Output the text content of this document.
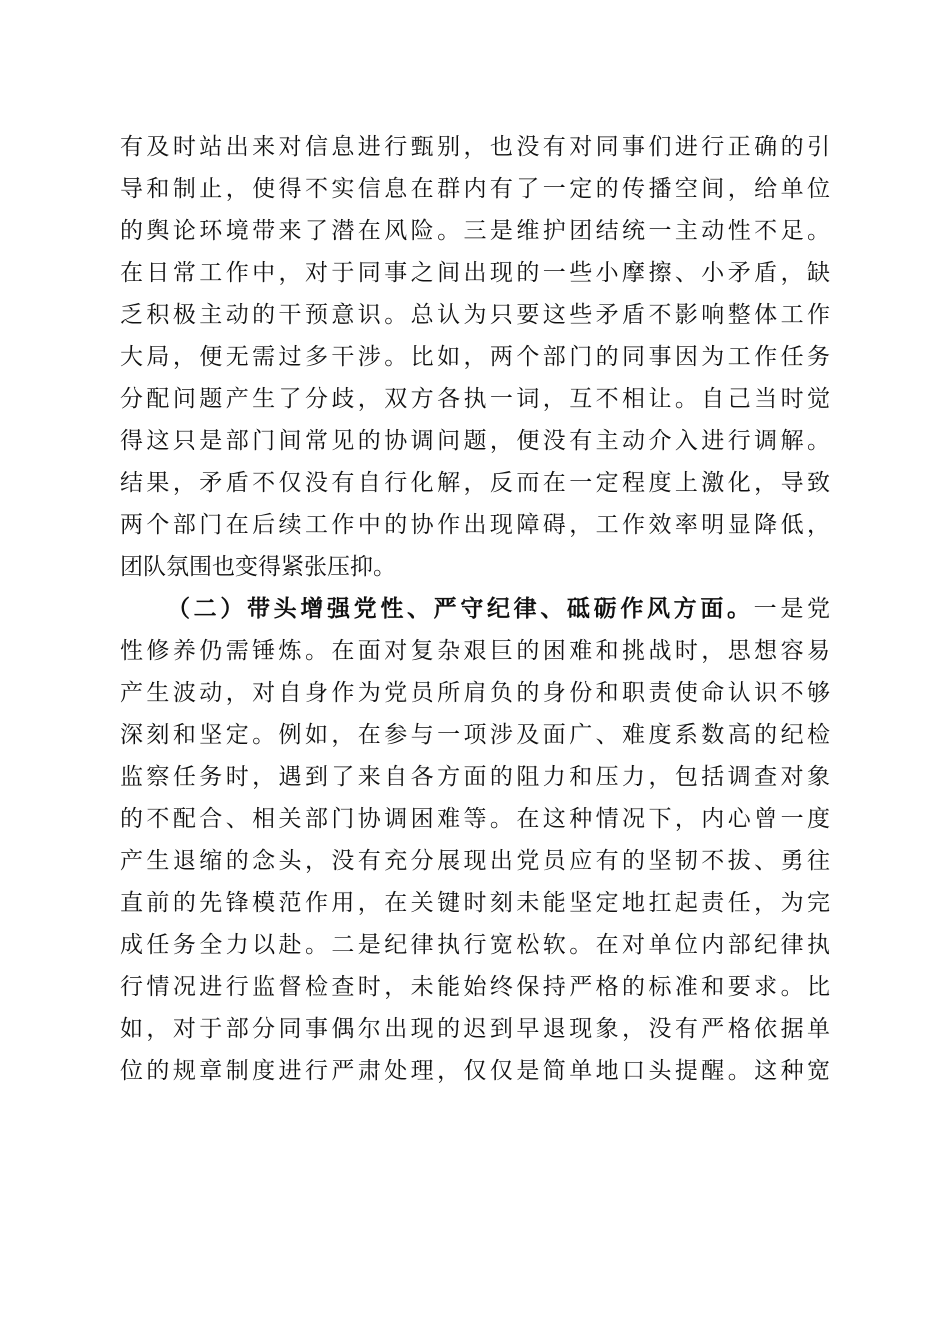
有及时站出来对信息进行甄别，也没有对同事们进行正确的引
导和制止，使得不实信息在群内有了一定的传播空间，给单位
的舆论环境带来了潜在风险。三是维护团结统一主动性不足。
在日常工作中，对于同事之间出现的一些小摩擦、小矛盾，缺
乏积极主动的干预意识。总认为只要这些矛盾不影响整体工作
大局，便无需过多干涉。比如，两个部门的同事因为工作任务
分配问题产生了分歧，双方各执一词，互不相让。自己当时觉
得这只是部门间常见的协调问题，便没有主动介入进行调解。
结果，矛盾不仅没有自行化解，反而在一定程度上激化，导致
两个部门在后续工作中的协作出现障碍，工作效率明显降低，
团队氛围也变得紧张压抑。
（二）带头增强党性、严守纪律、砥砺作风方面。一是党
性修养仍需锤炼。在面对复杂艰巨的困难和挑战时，思想容易
产生波动，对自身作为党员所肩负的身份和职责使命认识不够
深刻和坚定。例如，在参与一项涉及面广、难度系数高的纪检
监察任务时，遇到了来自各方面的阻力和压力，包括调查对象
的不配合、相关部门协调困难等。在这种情况下，内心曾一度
产生退缩的念头，没有充分展现出党员应有的坚韧不拔、勇往
直前的先锋模范作用，在关键时刻未能坚定地扛起责任，为完
成任务全力以赴。二是纪律执行宽松软。在对单位内部纪律执
行情况进行监督检查时，未能始终保持严格的标准和要求。比
如，对于部分同事偶尔出现的迟到早退现象，没有严格依据单
位的规章制度进行严肃处理，仅仅是简单地口头提醒。这种宽
